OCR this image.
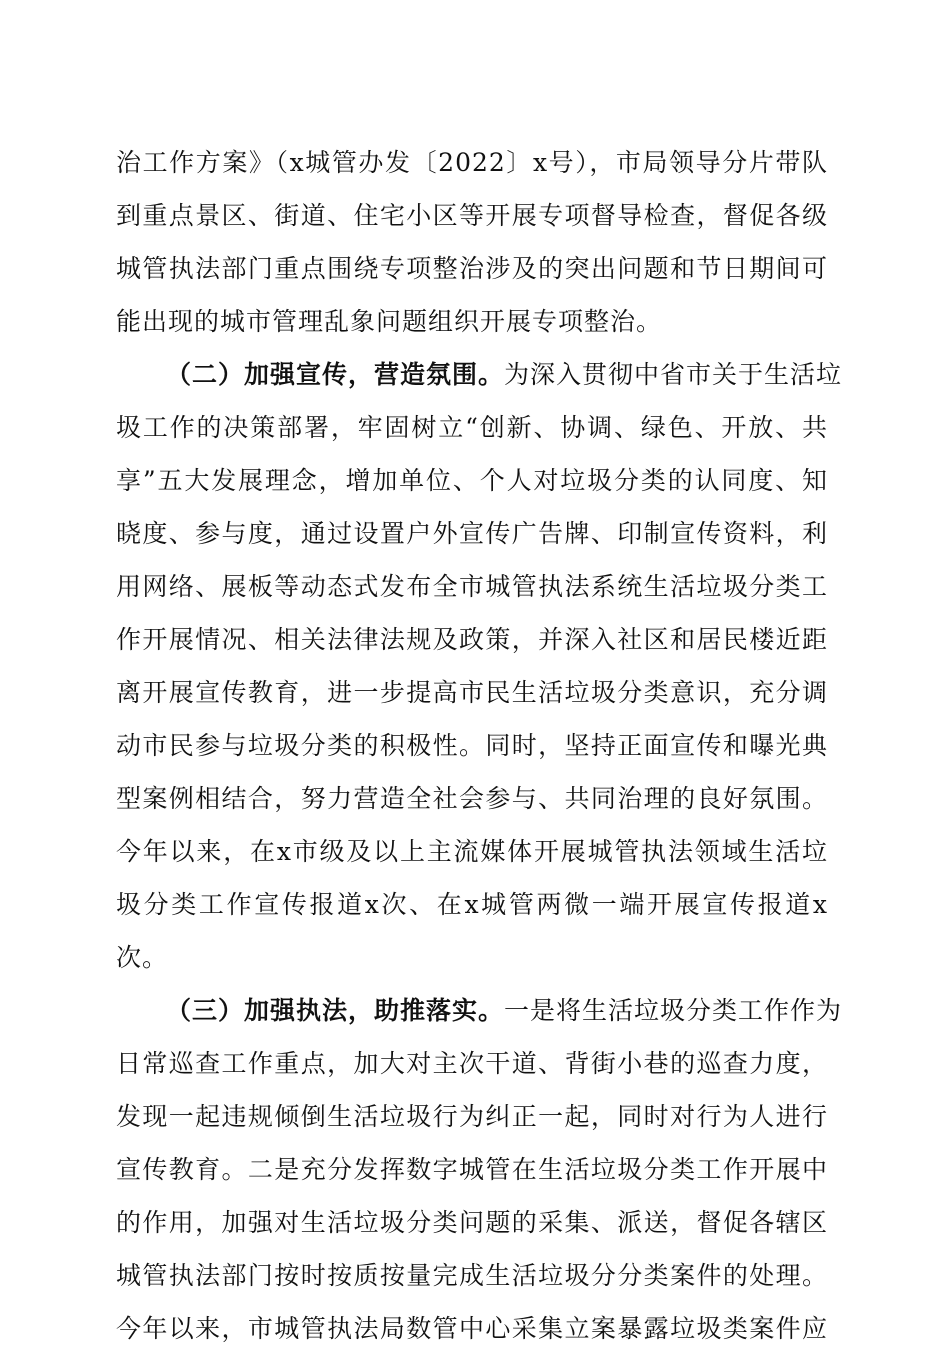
治工作方案》（x城管办发〔2022〕x号），市局领导分片带队
到重点景区、街道、住宅小区等开展专项督导检查，督促各级
城管执法部门重点围绕专项整治涉及的突出问题和节日期间可
能出现的城市管理乱象问题组织开展专项整治。
（二）加强宣传，营造氛围。为深入贯彻中省市关于生活垃
圾工作的决策部署，牢固树立“创新、协调、绿色、开放、共
享”五大发展理念，增加单位、个人对垃圾分类的认同度、知
晓度、参与度，通过设置户外宣传广告牌、印制宣传资料，利
用网络、展板等动态式发布全市城管执法系统生活垃圾分类工
作开展情况、相关法律法规及政策，并深入社区和居民楼近距
离开展宣传教育，进一步提高市民生活垃圾分类意识，充分调
动市民参与垃圾分类的积极性。同时，坚持正面宣传和曝光典
型案例相结合，努力营造全社会参与、共同治理的良好氛围。
今年以来，在x市级及以上主流媒体开展城管执法领域生活垃
圾分类工作宣传报道x次、在x城管两微一端开展宣传报道x
次。
（三）加强执法，助推落实。一是将生活垃圾分类工作作为
日常巡查工作重点，加大对主次干道、背街小巷的巡查力度，
发现一起违规倾倒生活垃圾行为纠正一起，同时对行为人进行
宣传教育。二是充分发挥数字城管在生活垃圾分类工作开展中
的作用，加强对生活垃圾分类问题的采集、派送，督促各辖区
城管执法部门按时按质按量完成生活垃圾分分类案件的处理。
今年以来，市城管执法局数管中心采集立案暴露垃圾类案件应
